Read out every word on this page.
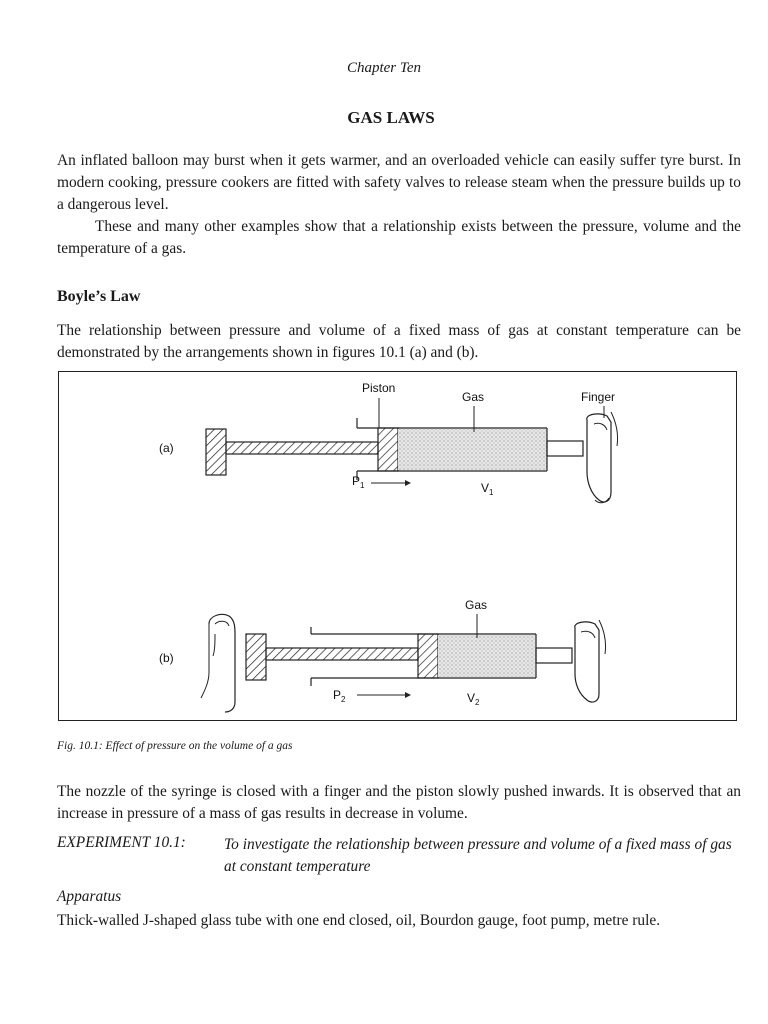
Chapter Ten
GAS LAWS
An inflated balloon may burst when it gets warmer, and an overloaded vehicle can easily suffer tyre burst. In modern cooking, pressure cookers are fitted with safety valves to release steam when the pressure builds up to a dangerous level.
These and many other examples show that a relationship exists between the pressure, volume and the temperature of a gas.
Boyle’s Law
The relationship between pressure and volume of a fixed mass of gas at constant temperature can be demonstrated by the arrangements shown in figures 10.1 (a) and (b).
(a)
Piston
Gas	Finger
$P_1$	$V_1$
(b)
Gas
$P_2$	$V_2$
Fig. 10.1: Effect of pressure on the volume of a gas
The nozzle of the syringe is closed with a finger and the piston slowly pushed inwards. It is observed that an increase in pressure of a mass of gas results in decrease in volume.
EXPERIMENT 10.1: To investigate the relationship between pressure and volume of a fixed mass of gas at constant temperature
Apparatus
Thick-walled J-shaped glass tube with one end closed, oil, Bourdon gauge, foot pump, metre rule.
